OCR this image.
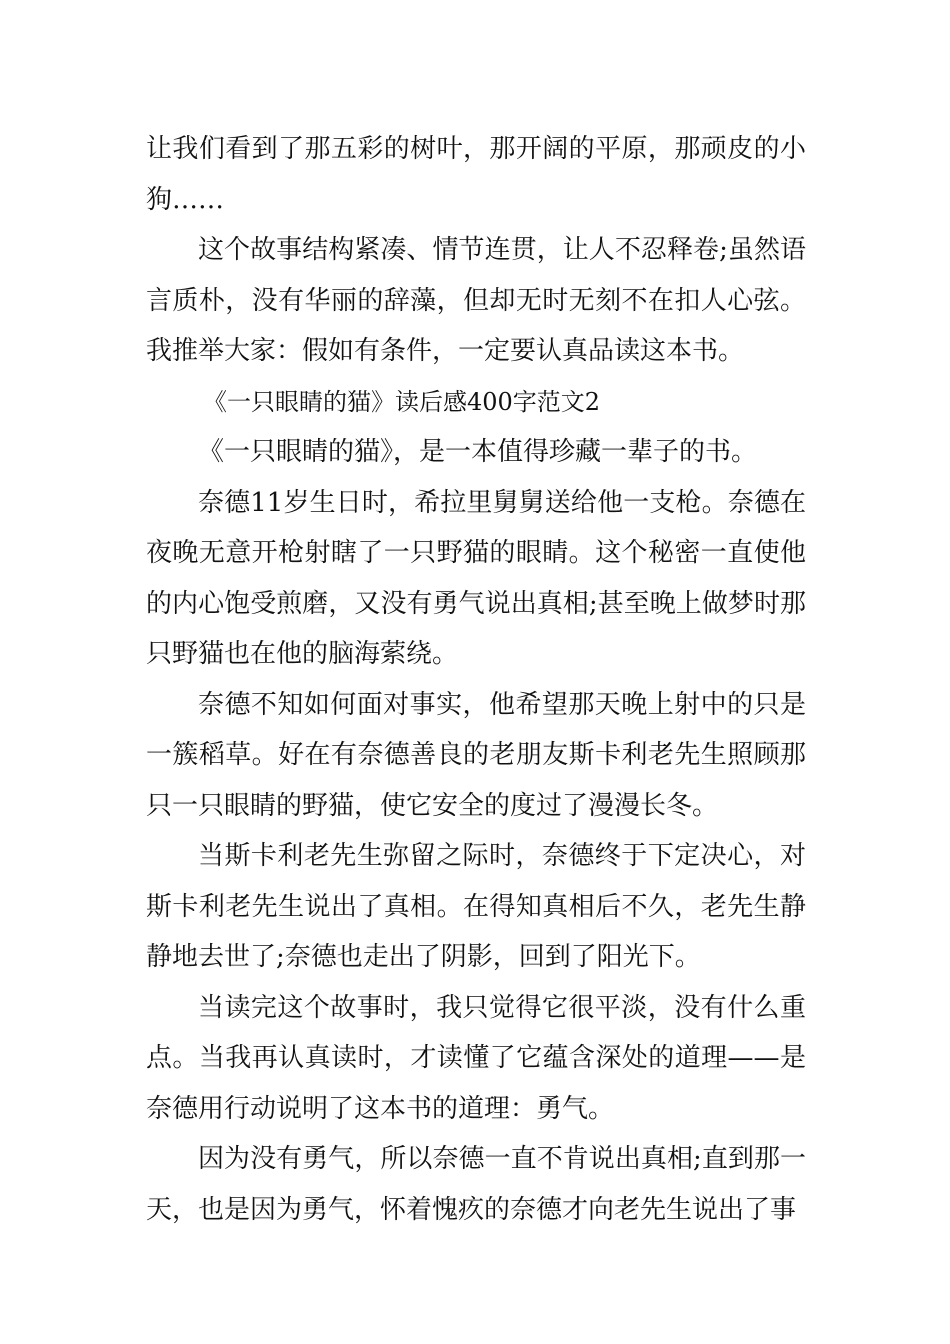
让我们看到了那五彩的树叶，那开阔的平原，那顽皮的小狗……

这个故事结构紧凑、情节连贯，让人不忍释卷;虽然语言质朴，没有华丽的辞藻，但却无时无刻不在扣人心弦。我推举大家：假如有条件，一定要认真品读这本书。

《一只眼睛的猫》读后感400字范文2

《一只眼睛的猫》，是一本值得珍藏一辈子的书。

奈德11岁生日时，希拉里舅舅送给他一支枪。奈德在夜晚无意开枪射瞎了一只野猫的眼睛。这个秘密一直使他的内心饱受煎磨，又没有勇气说出真相;甚至晚上做梦时那只野猫也在他的脑海萦绕。

奈德不知如何面对事实，他希望那天晚上射中的只是一簇稻草。好在有奈德善良的老朋友斯卡利老先生照顾那只一只眼睛的野猫，使它安全的度过了漫漫长冬。

当斯卡利老先生弥留之际时，奈德终于下定决心，对斯卡利老先生说出了真相。在得知真相后不久，老先生静静地去世了;奈德也走出了阴影，回到了阳光下。

当读完这个故事时，我只觉得它很平淡，没有什么重点。当我再认真读时，才读懂了它蕴含深处的道理——是奈德用行动说明了这本书的道理：勇气。

因为没有勇气，所以奈德一直不肯说出真相;直到那一天，也是因为勇气，怀着愧疚的奈德才向老先生说出了事
